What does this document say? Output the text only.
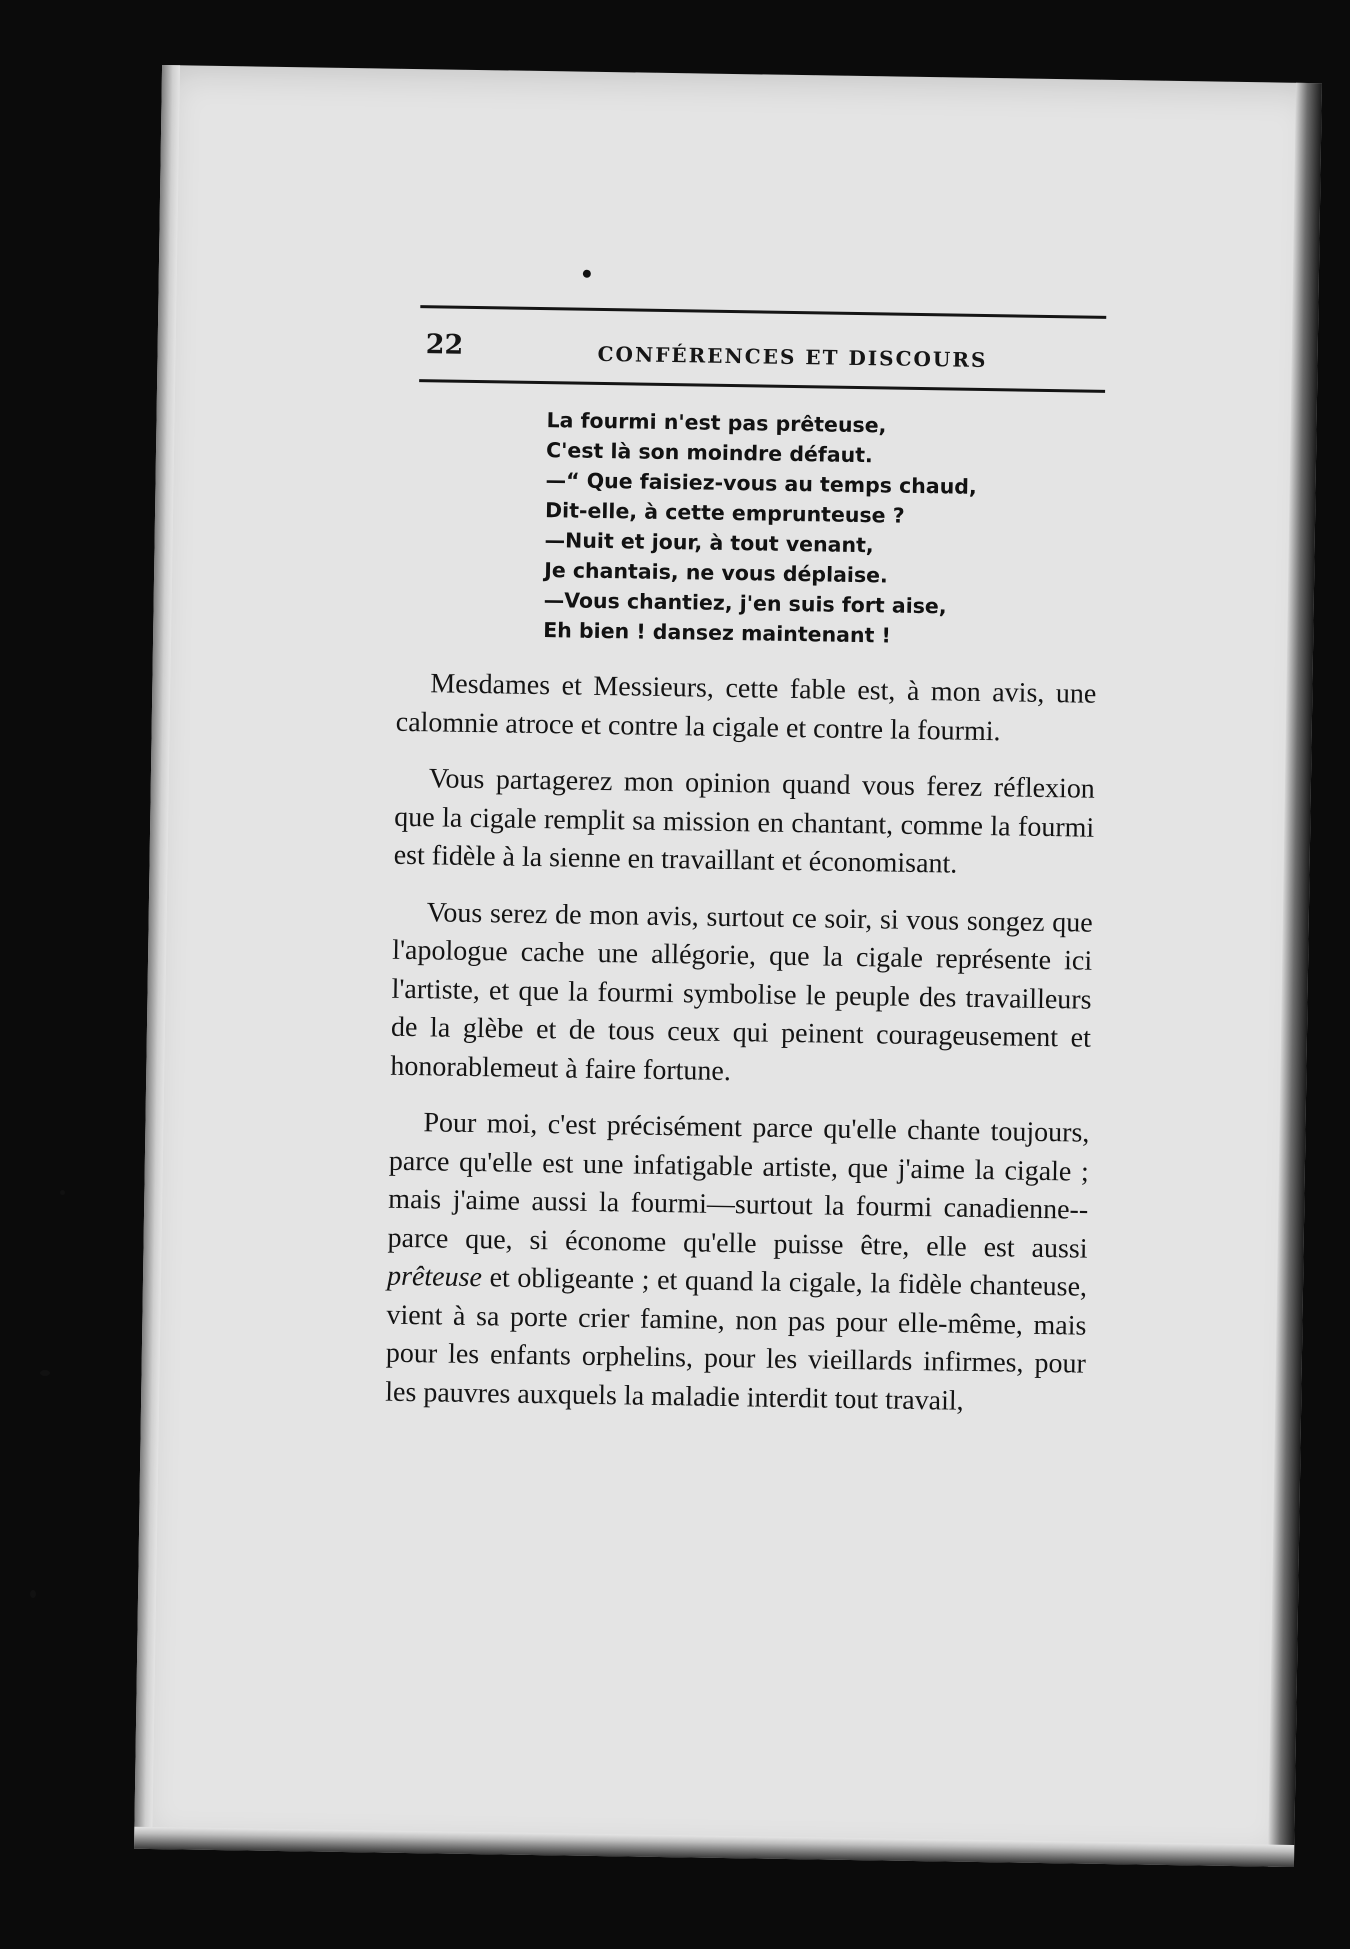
22	CONFÉRENCES ET DISCOURS
La fourmi n'est pas prêteuse,
C'est là son moindre défaut.
—“ Que faisiez-vous au temps chaud,
Dit-elle, à cette emprunteuse ?
—Nuit et jour, à tout venant,
Je chantais, ne vous déplaise.
—Vous chantiez, j'en suis fort aise,
Eh bien ! dansez maintenant !

Mesdames et Messieurs, cette fable est, à mon avis, une calomnie atroce et contre la cigale et contre la fourmi.

Vous partagerez mon opinion quand vous ferez réflexion que la cigale remplit sa mission en chantant, comme la fourmi est fidèle à la sienne en travaillant et économisant.

Vous serez de mon avis, surtout ce soir, si vous songez que l'apologue cache une allégorie, que la cigale représente ici l'artiste, et que la fourmi symbolise le peuple des travailleurs de la glèbe et de tous ceux qui peinent courageusement et honorablemeut à faire fortune.

Pour moi, c'est précisément parce qu'elle chante toujours, parce qu'elle est une infatigable artiste, que j'aime la cigale ; mais j'aime aussi la fourmi—surtout la fourmi canadienne--parce que, si économe qu'elle puisse être, elle est aussi prêteuse et obligeante ; et quand la cigale, la fidèle chanteuse, vient à sa porte crier famine, non pas pour elle-même, mais pour les enfants orphelins, pour les vieillards infirmes, pour les pauvres auxquels la maladie interdit tout travail,
